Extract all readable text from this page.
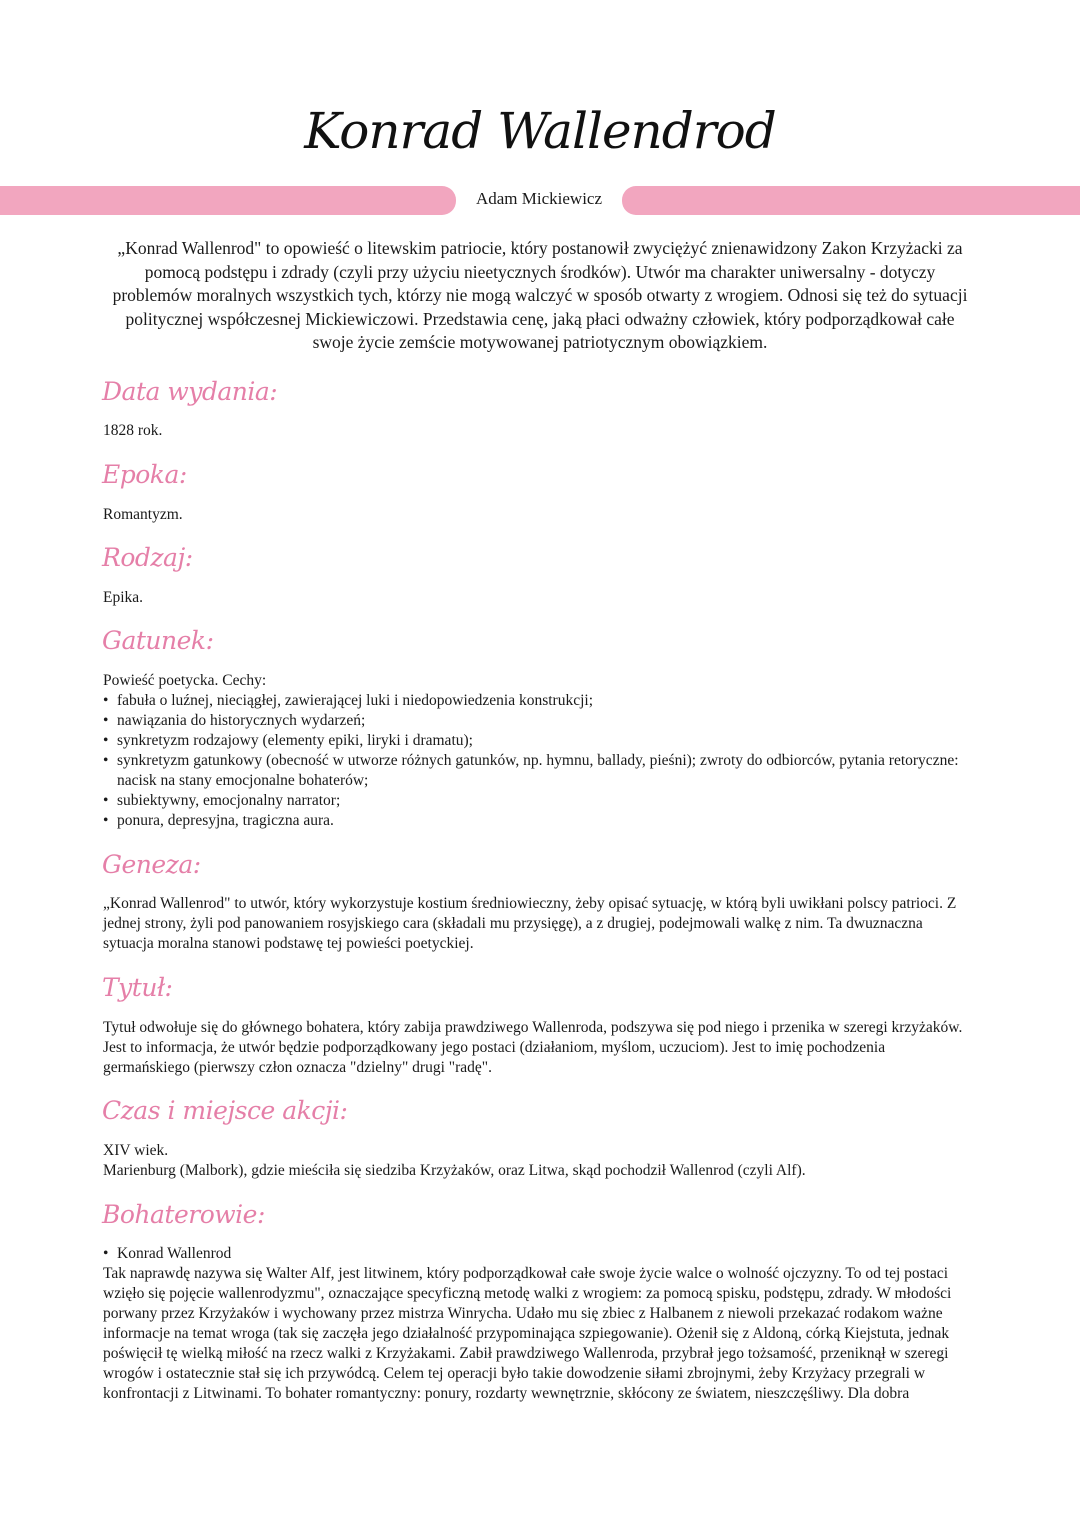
Konrad Wallendrod
Adam Mickiewicz
„Konrad Wallenrod" to opowieść o litewskim patriocie, który postanowił zwyciężyć znienawidzony Zakon Krzyżacki za pomocą podstępu i zdrady (czyli przy użyciu nieetycznych środków). Utwór ma charakter uniwersalny - dotyczy problemów moralnych wszystkich tych, którzy nie mogą walczyć w sposób otwarty z wrogiem. Odnosi się też do sytuacji politycznej współczesnej Mickiewiczowi. Przedstawia cenę, jaką płaci odważny człowiek, który podporządkował całe swoje życie zemście motywowanej patriotycznym obowiązkiem.
Data wydania:
1828 rok.
Epoka:
Romantyzm.
Rodzaj:
Epika.
Gatunek:
Powieść poetycka. Cechy:
• fabuła o luźnej, nieciągłej, zawierającej luki i niedopowiedzenia konstrukcji;
• nawiązania do historycznych wydarzeń;
• synkretyzm rodzajowy (elementy epiki, liryki i dramatu);
• synkretyzm gatunkowy (obecność w utworze różnych gatunków, np. hymnu, ballady, pieśni); zwroty do odbiorców, pytania retoryczne: nacisk na stany emocjonalne bohaterów;
• subiektywny, emocjonalny narrator;
• ponura, depresyjna, tragiczna aura.
Geneza:
„Konrad Wallenrod" to utwór, który wykorzystuje kostium średniowieczny, żeby opisać sytuację, w którą byli uwikłani polscy patrioci. Z jednej strony, żyli pod panowaniem rosyjskiego cara (składali mu przysięgę), a z drugiej, podejmowali walkę z nim. Ta dwuznaczna sytuacja moralna stanowi podstawę tej powieści poetyckiej.
Tytuł:
Tytuł odwołuje się do głównego bohatera, który zabija prawdziwego Wallenroda, podszywa się pod niego i przenika w szeregi krzyżaków. Jest to informacja, że utwór będzie podporządkowany jego postaci (działaniom, myślom, uczuciom). Jest to imię pochodzenia germańskiego (pierwszy człon oznacza "dzielny" drugi "radę".
Czas i miejsce akcji:
XIV wiek.
Marienburg (Malbork), gdzie mieściła się siedziba Krzyżaków, oraz Litwa, skąd pochodził Wallenrod (czyli Alf).
Bohaterowie:
• Konrad Wallenrod
Tak naprawdę nazywa się Walter Alf, jest litwinem, który podporządkował całe swoje życie walce o wolność ojczyzny. To od tej postaci wzięło się pojęcie wallenrodyzmu", oznaczające specyficzną metodę walki z wrogiem: za pomocą spisku, podstępu, zdrady. W młodości porwany przez Krzyżaków i wychowany przez mistrza Winrycha. Udało mu się zbiec z Halbanem z niewoli przekazać rodakom ważne informacje na temat wroga (tak się zaczęła jego działalność przypominająca szpiegowanie). Ożenił się z Aldoną, córką Kiejstuta, jednak poświęcił tę wielką miłość na rzecz walki z Krzyżakami. Zabił prawdziwego Wallenroda, przybrał jego tożsamość, przeniknął w szeregi wrogów i ostatecznie stał się ich przywódcą. Celem tej operacji było takie dowodzenie siłami zbrojnymi, żeby Krzyżacy przegrali w konfrontacji z Litwinami. To bohater romantyczny: ponury, rozdarty wewnętrznie, skłócony ze światem, nieszczęśliwy. Dla dobra
